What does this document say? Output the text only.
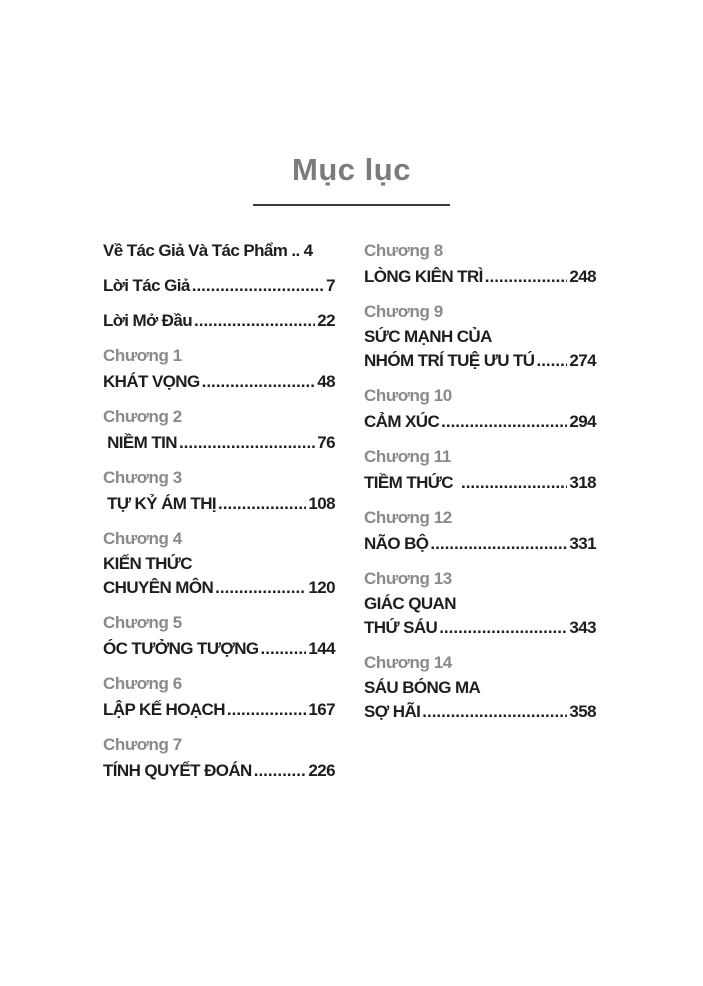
Mục lục
Về Tác Giả Và Tác Phẩm .. 4
Lời Tác Giả .....	7
Lời Mở Đầu .....	22
Chương 1
KHÁT VỌNG .....	48
Chương 2
NIỀM TIN .....	76
Chương 3
TỰ KỶ ÁM THỊ .....	108
Chương 4
KIẾN THỨC
CHUYÊN MÔN .....	120
Chương 5
ÓC TƯỞNG TƯỢNG .....	144
Chương 6
LẬP KẾ HOẠCH .....	167
Chương 7
TÍNH QUYẾT ĐOÁN .....	226
Chương 8
LÒNG KIÊN TRÌ .....	248
Chương 9
SỨC MẠNH CỦA
NHÓM TRÍ TUỆ ƯU TÚ ..... 274
Chương 10
CẢM XÚC .....	294
Chương 11
TIỀM THỨC .....	318
Chương 12
NÃO BỘ .....	331
Chương 13
GIÁC QUAN
THỨ SÁU .....	343
Chương 14
SÁU BÓNG MA
SỢ HÃI .....	358
